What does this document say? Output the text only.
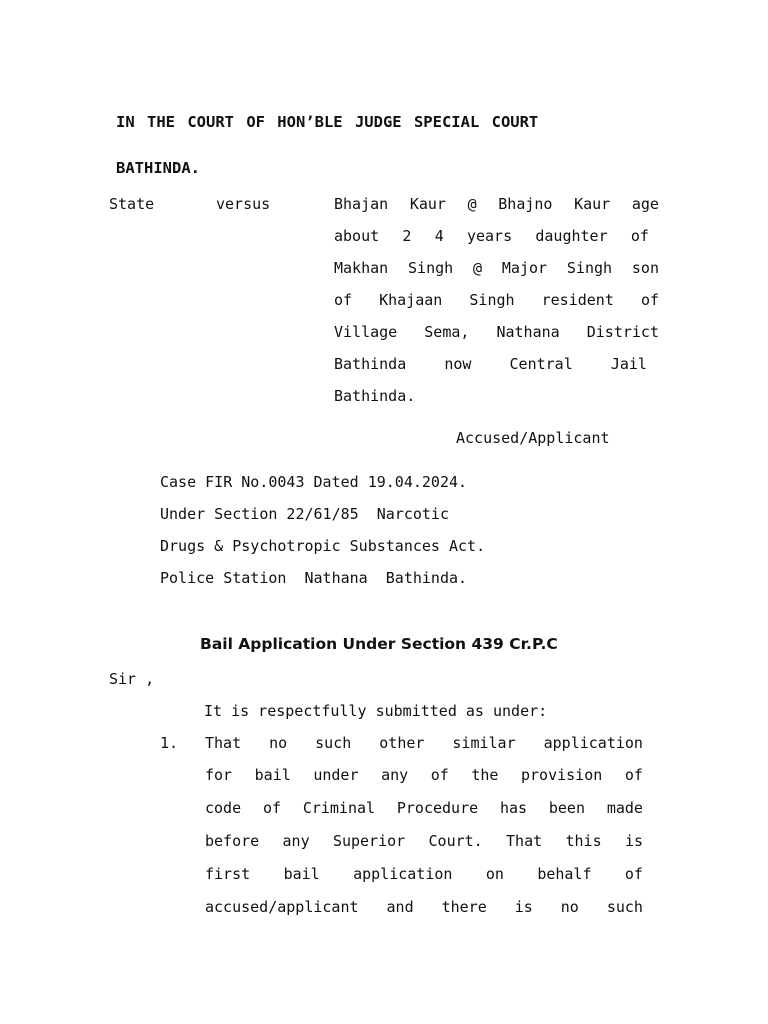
IN THE COURT OF HON’BLE JUDGE SPECIAL COURT
BATHINDA.
State	versus	Bhajan Kaur @ Bhajno Kaur age
about 2 4 years daughter of
Makhan Singh @ Major Singh son
of Khajaan Singh resident of
Village Sema, Nathana District
Bathinda	now	Central	Jail
Bathinda.
Accused/Applicant
Case FIR No.0043 Dated 19.04.2024.
Under Section 22/61/85  Narcotic
Drugs & Psychotropic Substances Act.
Police Station  Nathana  Bathinda.
Bail Application Under Section 439 Cr.P.C
Sir ,
It is respectfully submitted as under:
1. That no such other similar application
for bail under any of the provision of
code of Criminal Procedure has been made
before any Superior Court. That this is
first bail application on behalf of
accused/applicant and there is no such
